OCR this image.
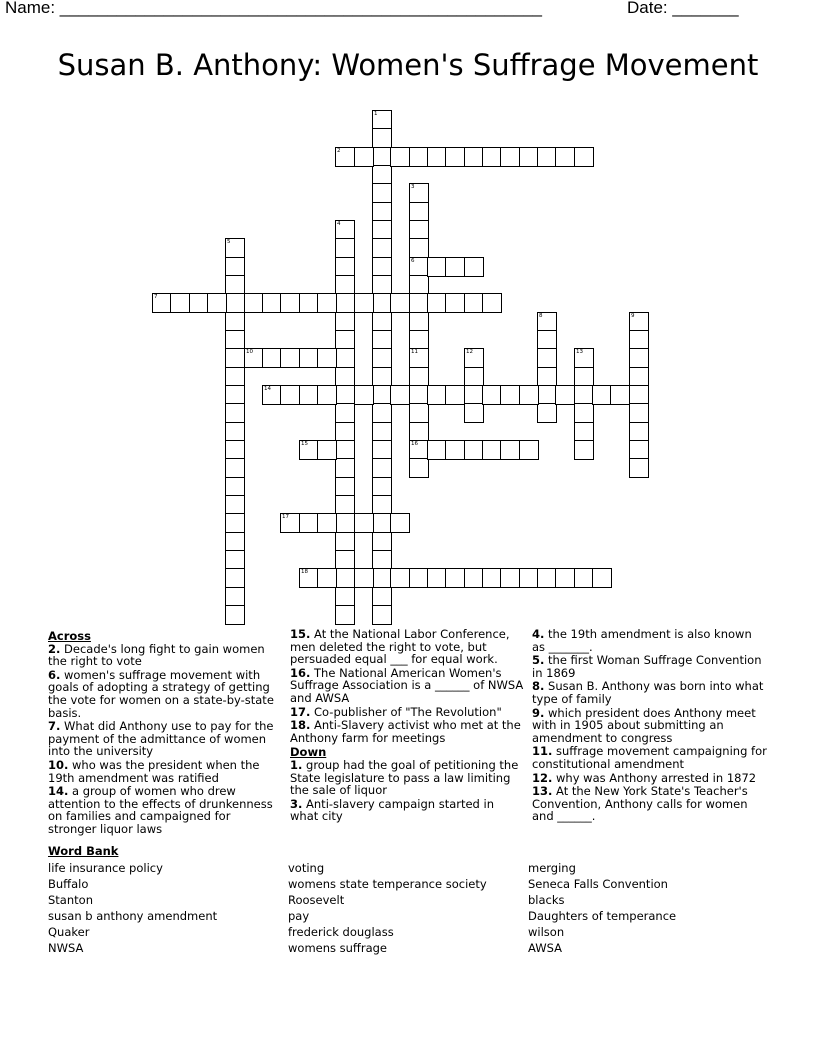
Name: ___________________________________________________	Date: _______
Susan B. Anthony: Women's Suffrage Movement
1
2
3
6
11
16
4
5
7
8	9
10	12	13
14
15
17
18
Across
2. Decade's long fight to gain women the right to vote
6. women's suffrage movement with goals of adopting a strategy of getting the vote for women on a state-by-state basis.
7. What did Anthony use to pay for the payment of the admittance of women into the university
10. who was the president when the 19th amendment was ratified
14. a group of women who drew attention to the effects of drunkenness on families and campaigned for stronger liquor laws
15. At the National Labor Conference, men deleted the right to vote, but persuaded equal ___ for equal work.
16. The National American Women's Suffrage Association is a ______ of NWSA and AWSA
17. Co-publisher of "The Revolution"
18. Anti-Slavery activist who met at the Anthony farm for meetings
Down
1. group had the goal of petitioning the State legislature to pass a law limiting the sale of liquor
3. Anti-slavery campaign started in what city
4. the 19th amendment is also known as _______.
5. the first Woman Suffrage Convention in 1869
8. Susan B. Anthony was born into what type of family
9. which president does Anthony meet with in 1905 about submitting an amendment to congress
11. suffrage movement campaigning for constitutional amendment
12. why was Anthony arrested in 1872
13. At the New York State's Teacher's Convention, Anthony calls for women and ______.
Word Bank
life insurance policy
Buffalo
Stanton
susan b anthony amendment
Quaker
NWSA
voting
womens state temperance society
Roosevelt
pay
frederick douglass
womens suffrage
merging
Seneca Falls Convention
blacks
Daughters of temperance
wilson
AWSA
